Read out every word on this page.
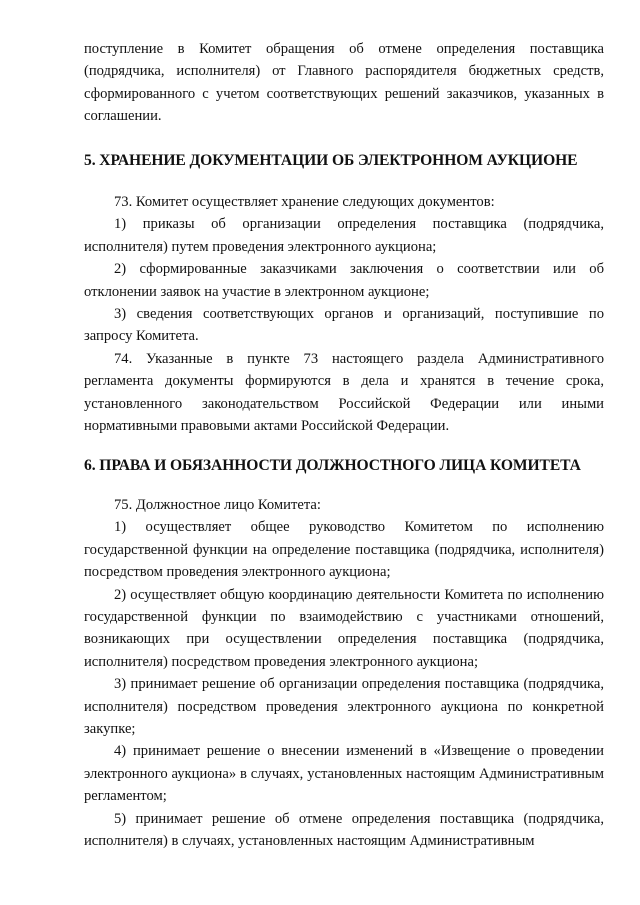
поступление в Комитет обращения об отмене определения поставщика (подрядчика, исполнителя) от Главного распорядителя бюджетных средств, сформированного с учетом соответствующих решений заказчиков, указанных в соглашении.

5. ХРАНЕНИЕ ДОКУМЕНТАЦИИ ОБ ЭЛЕКТРОННОМ АУКЦИОНЕ

73. Комитет осуществляет хранение следующих документов:

1) приказы об организации определения поставщика (подрядчика, исполнителя) путем проведения электронного аукциона;

2) сформированные заказчиками заключения о соответствии или об отклонении заявок на участие в электронном аукционе;

3) сведения соответствующих органов и организаций, поступившие по запросу Комитета.

74. Указанные в пункте 73 настоящего раздела Административного регламента документы формируются в дела и хранятся в течение срока, установленного законодательством Российской Федерации или иными нормативными правовыми актами Российской Федерации.

6. ПРАВА И ОБЯЗАННОСТИ ДОЛЖНОСТНОГО ЛИЦА КОМИТЕТА

75. Должностное лицо Комитета:

1) осуществляет общее руководство Комитетом по исполнению государственной функции на определение поставщика (подрядчика, исполнителя) посредством проведения электронного аукциона;

2) осуществляет общую координацию деятельности Комитета по исполнению государственной функции по взаимодействию с участниками отношений, возникающих при осуществлении определения поставщика (подрядчика, исполнителя) посредством проведения электронного аукциона;

3) принимает решение об организации определения поставщика (подрядчика, исполнителя) посредством проведения электронного аукциона по конкретной закупке;

4) принимает решение о внесении изменений в «Извещение о проведении электронного аукциона» в случаях, установленных настоящим Административным регламентом;

5) принимает решение об отмене определения поставщика (подрядчика, исполнителя) в случаях, установленных настоящим Административным
